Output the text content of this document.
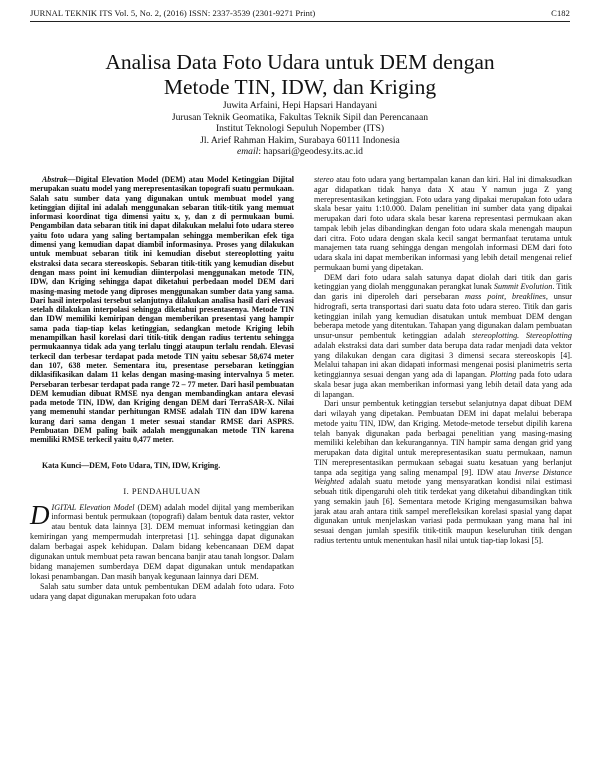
JURNAL TEKNIK ITS Vol. 5, No. 2, (2016) ISSN: 2337-3539 (2301-9271 Print)	C182
Analisa Data Foto Udara untuk DEM dengan
Metode TIN, IDW, dan Kriging
Juwita Arfaini, Hepi Hapsari Handayani
Jurusan Teknik Geomatika, Fakultas Teknik Sipil dan Perencanaan
Institut Teknologi Sepuluh Nopember (ITS)
Jl. Arief Rahman Hakim, Surabaya 60111 Indonesia
email: hapsari@geodesy.its.ac.id
Abstrak—Digital Elevation Model (DEM) atau Model Ketinggian Dijital merupakan suatu model yang merepresentasikan topografi suatu permukaan. Salah satu sumber data yang digunakan untuk membuat model yang ketinggian dijital ini adalah menggunakan sebaran titik-titik yang memuat informasi koordinat tiga dimensi yaitu x, y, dan z di permukaan bumi. Pengambilan data sebaran titik ini dapat dilakukan melalui foto udara stereo yaitu foto udara yang saling bertampalan sehingga memberikan efek tiga dimensi yang kemudian dapat diambil informasinya. Proses yang dilakukan untuk membuat sebaran titik ini kemudian disebut stereoplotting yaitu ekstraksi data secara stereoskopis. Sebaran titik-titik yang kemudian disebut dengan mass point ini kemudian diinterpolasi menggunakan metode TIN, IDW, dan Kriging sehingga dapat diketahui perbedaan model DEM dari masing-masing metode yang diproses menggunakan sumber data yang sama. Dari hasil interpolasi tersebut selanjutnya dilakukan analisa hasil dari elevasi setelah dilakukan interpolasi sehingga diketahui presentasenya. Metode TIN dan IDW memiliki kemiripan dengan memberikan presentasi yang hampir sama pada tiap-tiap kelas ketinggian, sedangkan metode Kriging lebih menampilkan hasil korelasi dari titik-titik dengan radius tertentu sehingga permukaannya tidak ada yang terlalu tinggi ataupun terlalu rendah. Elevasi terkecil dan terbesar terdapat pada metode TIN yaitu sebesar 58,674 meter dan 107, 638 meter. Sementara itu, presentase persebaran ketinggian diklasifikasikan dalam 11 kelas dengan masing-masing intervalnya 5 meter. Persebaran terbesar terdapat pada range 72 – 77 meter. Dari hasil pembuatan DEM kemudian dibuat RMSE nya dengan membandingkan antara elevasi pada metode TIN, IDW, dan Kriging dengan DEM dari TerraSAR-X. Nilai yang memenuhi standar perhitungan RMSE adalah TIN dan IDW karena kurang dari sama dengan 1 meter sesuai standar RMSE dari ASPRS. Pembuatan DEM paling baik adalah menggunakan metode TIN karena memiliki RMSE terkecil yaitu 0,477 meter.
Kata Kunci—DEM, Foto Udara, TIN, IDW, Kriging.
I. PENDAHULUAN

DIGITAL Elevation Model (DEM) adalah model dijital yang memberikan informasi bentuk permukaan (topografi) dalam bentuk data raster, vektor atau bentuk data lainnya [3]. DEM memuat informasi ketinggian dan kemiringan yang mempermudah interpretasi [1]. sehingga dapat digunakan dalam berbagai aspek kehidupan. Dalam bidang kebencanaan DEM dapat digunakan untuk membuat peta rawan bencana banjir atau tanah longsor. Dalam bidang manajemen sumberdaya DEM dapat digunakan untuk mendapatkan lokasi penambangan. Dan masih banyak kegunaan lainnya dari DEM.

Salah satu sumber data untuk pembentukan DEM adalah foto udara. Foto udara yang dapat digunakan merupakan foto udara

stereo atau foto udara yang bertampalan kanan dan kiri. Hal ini dimaksudkan agar didapatkan tidak hanya data X atau Y namun juga Z yang merepresentasikan ketinggian. Foto udara yang dipakai merupakan foto udara skala besar yaitu 1:10.000. Dalam penelitian ini sumber data yang dipakai merupakan dari foto udara skala besar karena representasi permukaan akan tampak lebih jelas dibandingkan dengan foto udara skala menengah maupun dari citra. Foto udara dengan skala kecil sangat bermanfaat terutama untuk manajemen tata ruang sehingga dengan mengolah informasi DEM dari foto udara skala ini dapat memberikan informasi yang lebih detail mengenai relief permukaan bumi yang dipetakan.

DEM dari foto udara salah satunya dapat diolah dari titik dan garis ketinggian yang diolah menggunakan perangkat lunak Summit Evolution. Titik dan garis ini diperoleh dari persebaran mass point, breaklines, unsur hidrografi, serta transportasi dari suatu data foto udara stereo. Titik dan garis ketinggian inilah yang kemudian disatukan untuk membuat DEM dengan beberapa metode yang ditentukan. Tahapan yang digunakan dalam pembuatan unsur-unsur pembentuk ketinggian adalah stereoplotting. Stereoplotting adalah ekstraksi data dari sumber data berupa data radar menjadi data vektor yang dilakukan dengan cara digitasi 3 dimensi secara stereoskopis [4]. Melalui tahapan ini akan didapati informasi mengenai posisi planimetris serta ketinggiannya sesuai dengan yang ada di lapangan. Plotting pada foto udara skala besar juga akan memberikan informasi yang lebih detail data yang ada di lapangan.

Dari unsur pembentuk ketinggian tersebut selanjutnya dapat dibuat DEM dari wilayah yang dipetakan. Pembuatan DEM ini dapat melalui beberapa metode yaitu TIN, IDW, dan Kriging. Metode-metode tersebut dipilih karena telah banyak digunakan pada berbagai penelitian yang masing-masing memiliki kelebihan dan kekurangannya. TIN hampir sama dengan grid yang merupakan data digital untuk merepresentasikan suatu permukaan, namun TIN merepresentasikan permukaan sebagai suatu kesatuan yang berlanjut tanpa ada segitiga yang saling menampal [9]. IDW atau Inverse Distance Weighted adalah suatu metode yang mensyaratkan kondisi nilai estimasi sebuah titik dipengaruhi oleh titik terdekat yang diketahui dibandingkan titik yang semakin jauh [6]. Sementara metode Kriging mengasumsikan bahwa jarak atau arah antara titik sampel merefleksikan korelasi spasial yang dapat digunakan untuk menjelaskan variasi pada permukaan yang mana hal ini sesuai dengan jumlah spesifik titik-titik maupun keseluruhan titik dengan radius tertentu untuk menentukan hasil nilai untuk tiap-tiap lokasi [5].
